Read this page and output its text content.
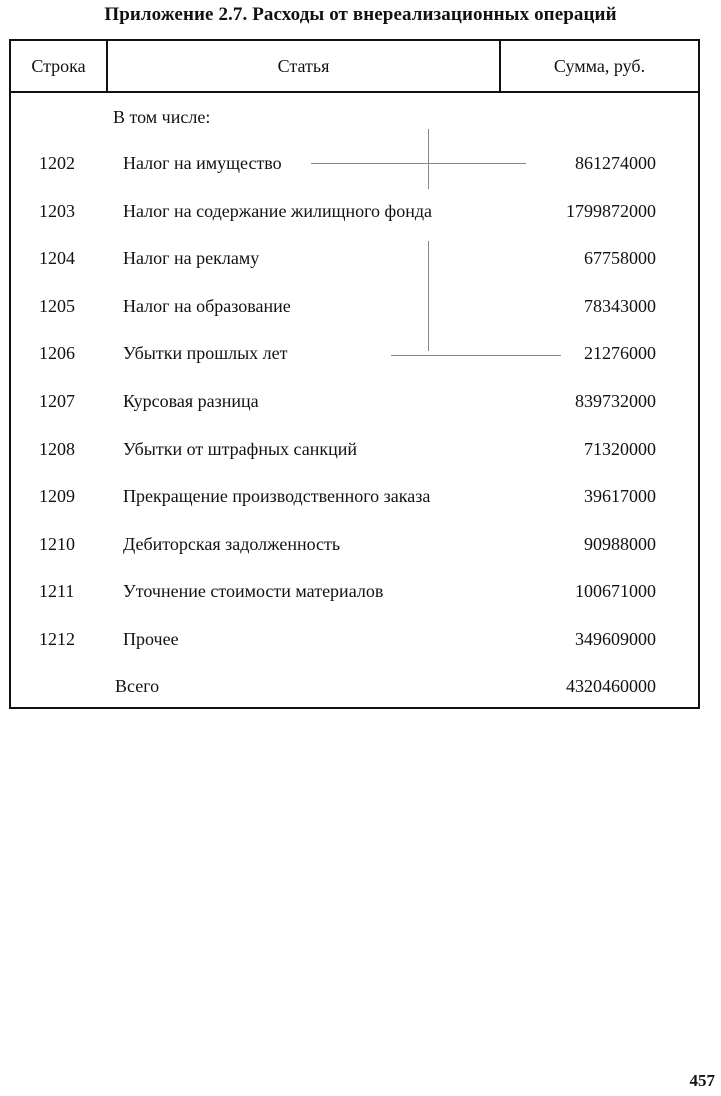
Приложение 2.7. Расходы от внереализационных операций
Строка	Статья	Сумма, руб.
В том числе:
1202	Налог на имущество	861274000
1203	Налог на содержание жилищного фонда	1799872000
1204	Налог на рекламу	67758000
1205	Налог на образование	78343000
1206	Убытки прошлых лет	21276000
1207	Курсовая разница	839732000
1208	Убытки от штрафных санкций	71320000
1209	Прекращение производственного заказа	39617000
1210	Дебиторская задолженность	90988000
1211	Уточнение стоимости материалов	100671000
1212	Прочее	349609000
Всего	4320460000
457
